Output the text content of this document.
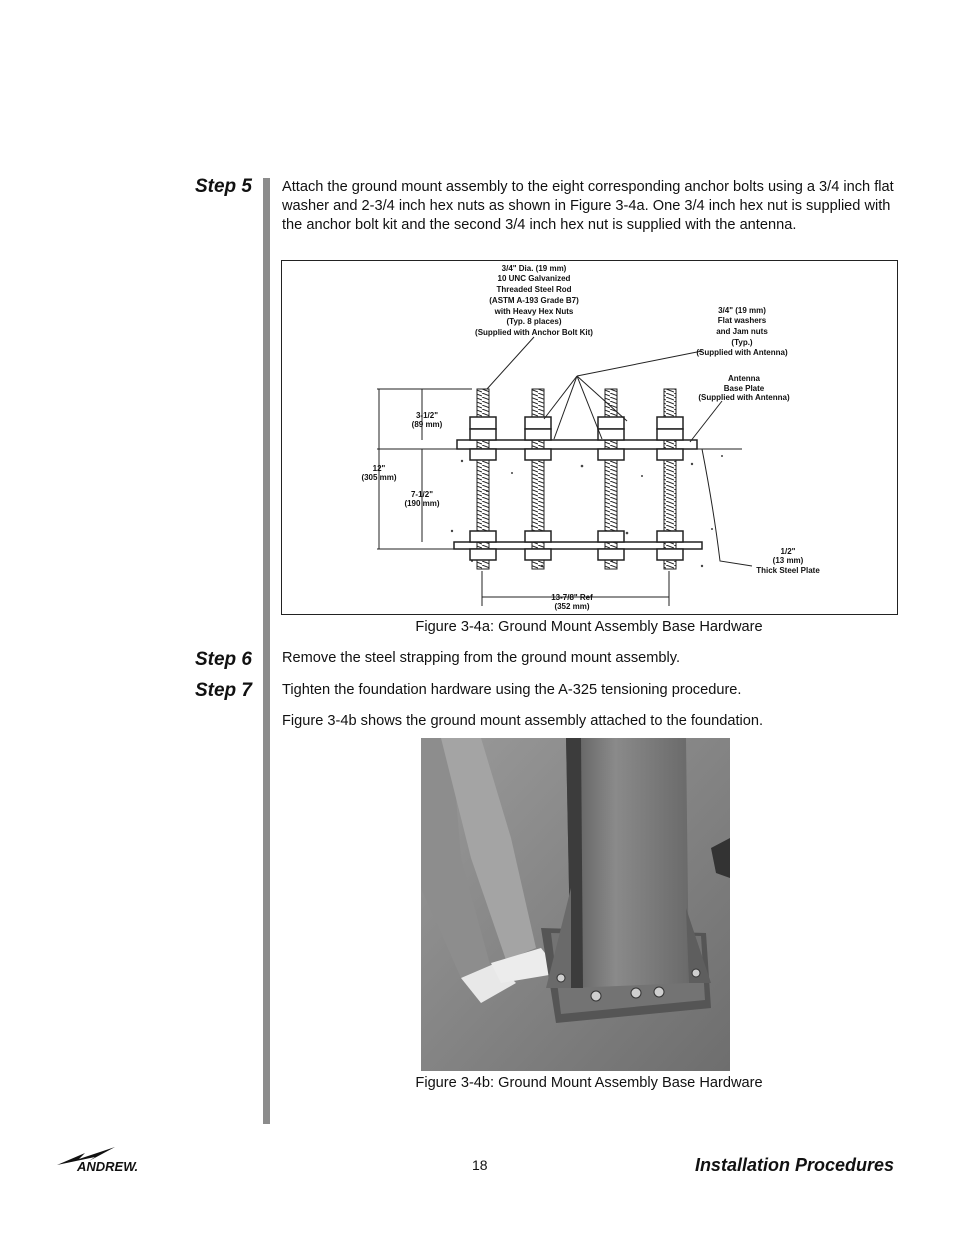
Step 5 Attach the ground mount assembly to the eight corresponding anchor bolts using a 3/4 inch flat washer and 2-3/4 inch hex nuts as shown in Figure 3-4a. One 3/4 inch hex nut is supplied with the anchor bolt kit and the second 3/4 inch hex nut is supplied with the antenna.
3/4" Dia. (19 mm)
10 UNC Galvanized
Threaded Steel Rod
(ASTM A-193 Grade B7)
with Heavy Hex Nuts
(Typ. 8 places)
(Supplied with Anchor Bolt Kit)
3/4" (19 mm)
Flat washers
and Jam nuts
(Typ.)
(Supplied with Antenna)
Antenna
Base Plate
(Supplied with Antenna)
3-1/2"
(89 mm)
12"
(305 mm)
7-1/2"
(190 mm)
1/2"
(13 mm)
Thick Steel Plate
13-7/8" Ref
(352 mm)
Figure 3-4a: Ground Mount Assembly Base Hardware
Step 6 Remove the steel strapping from the ground mount assembly.
Step 7 Tighten the foundation hardware using the A-325 tensioning procedure.
Figure 3-4b shows the ground mount assembly attached to the foundation.
Figure 3-4b: Ground Mount Assembly Base Hardware
ANDREW.	18	Installation Procedures
